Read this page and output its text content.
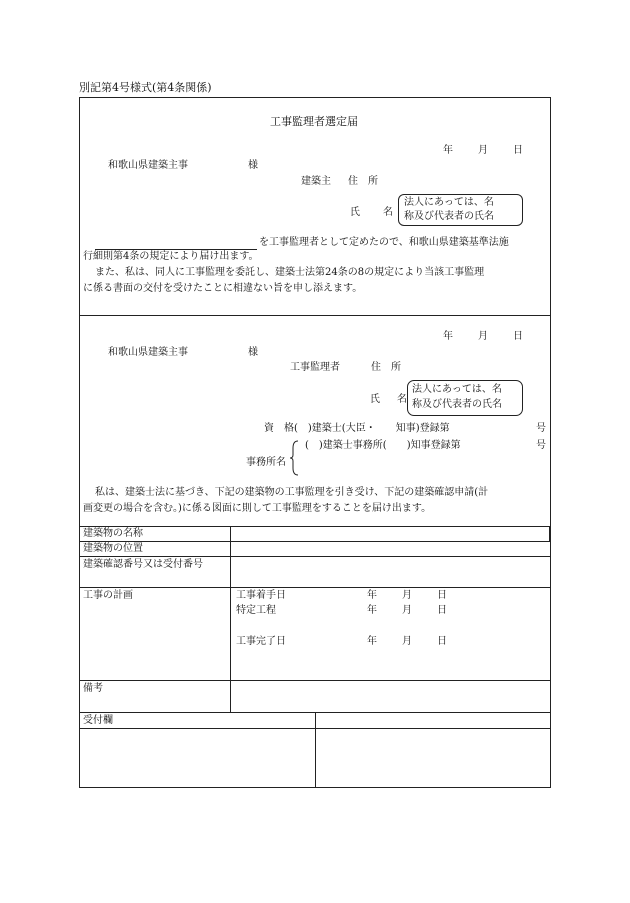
別記第4号様式(第4条関係)
工事監理者選定届
年	月	日
和歌山県建築主事	様
建築主 住　所
氏 名
法人にあっては、名
称及び代表者の氏名
を工事監理者として定めたので、和歌山県建築基準法施
行細則第4条の規定により届け出ます。
また、私は、同人に工事監理を委託し、建築士法第24条の8の規定により当該工事監理
に係る書面の交付を受けたことに相違ない旨を申し添えます。
年	月	日
和歌山県建築主事	様
工事監理者	住　所
氏 名
法人にあっては、名
称及び代表者の氏名
資　格(　)建築士(大臣・　　知事)登録第	号
(　)建築士事務所(　　)知事登録第	号
事務所名
私は、建築士法に基づき、下記の建築物の工事監理を引き受け、下記の建築確認申請(計
画変更の場合を含む。)に係る図面に則して工事監理をすることを届け出ます。
建築物の名称
建築物の位置
建築確認番号又は受付番号
工事の計画	工事着手日	年	月	日
特定工程	年	月	日
工事完了日	年	月	日
備考
受付欄
